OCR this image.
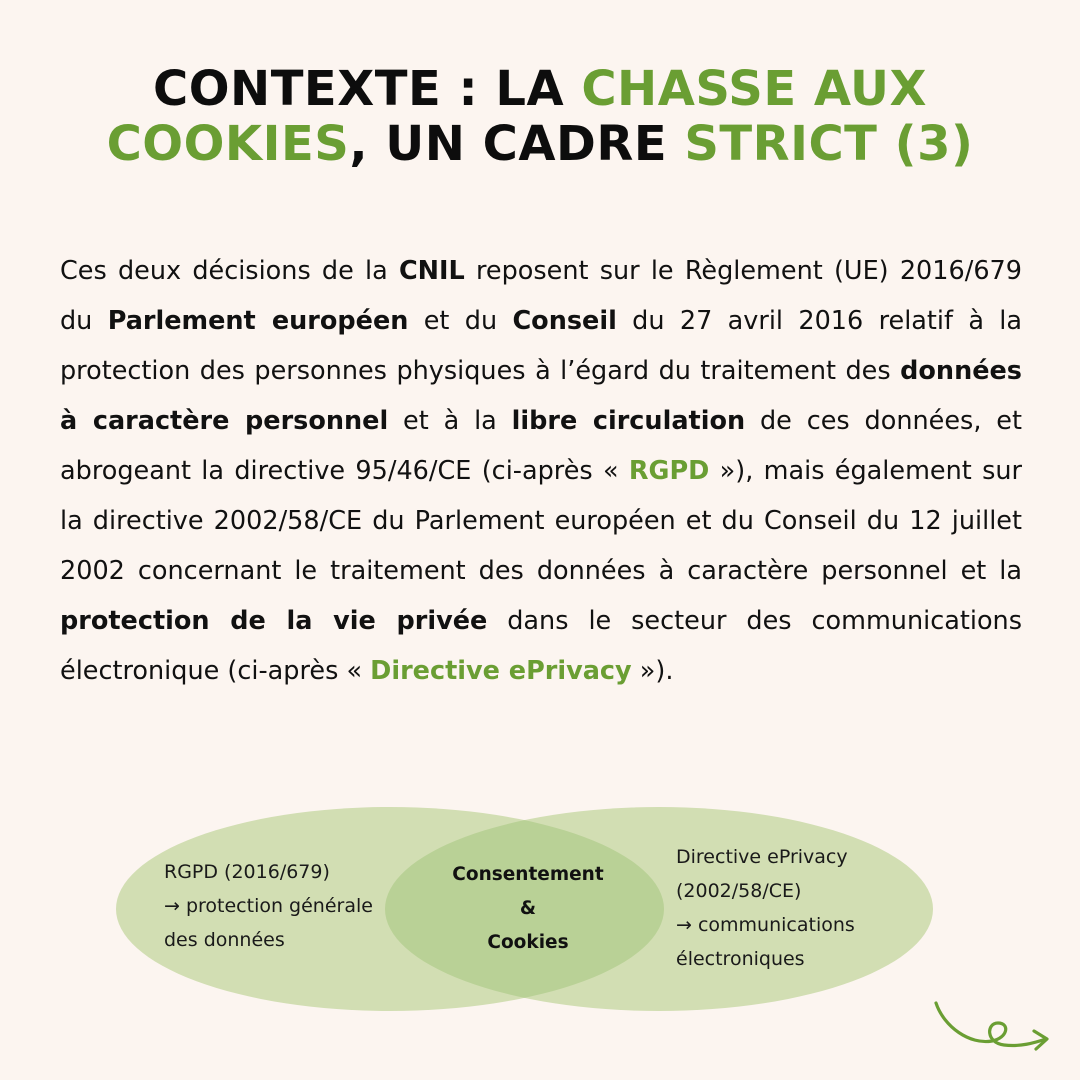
CONTEXTE : LA CHASSE AUX
COOKIES, UN CADRE STRICT (3)
Ces deux décisions de la CNIL reposent sur le Règlement (UE) 2016/679 du Parlement européen et du Conseil du 27 avril 2016 relatif à la protection des personnes physiques à l’égard du traitement des données à caractère personnel et à la libre circulation de ces données, et abrogeant la directive 95/46/CE (ci-après « RGPD »), mais également sur la directive 2002/58/CE du Parlement européen et du Conseil du 12 juillet 2002 concernant le traitement des données à caractère personnel et la protection de la vie privée dans le secteur des communications électronique (ci-après « Directive ePrivacy »).
RGPD (2016/679)
→ protection générale
des données
Consentement
&
Cookies
Directive ePrivacy
(2002/58/CE)
→ communications
électroniques
